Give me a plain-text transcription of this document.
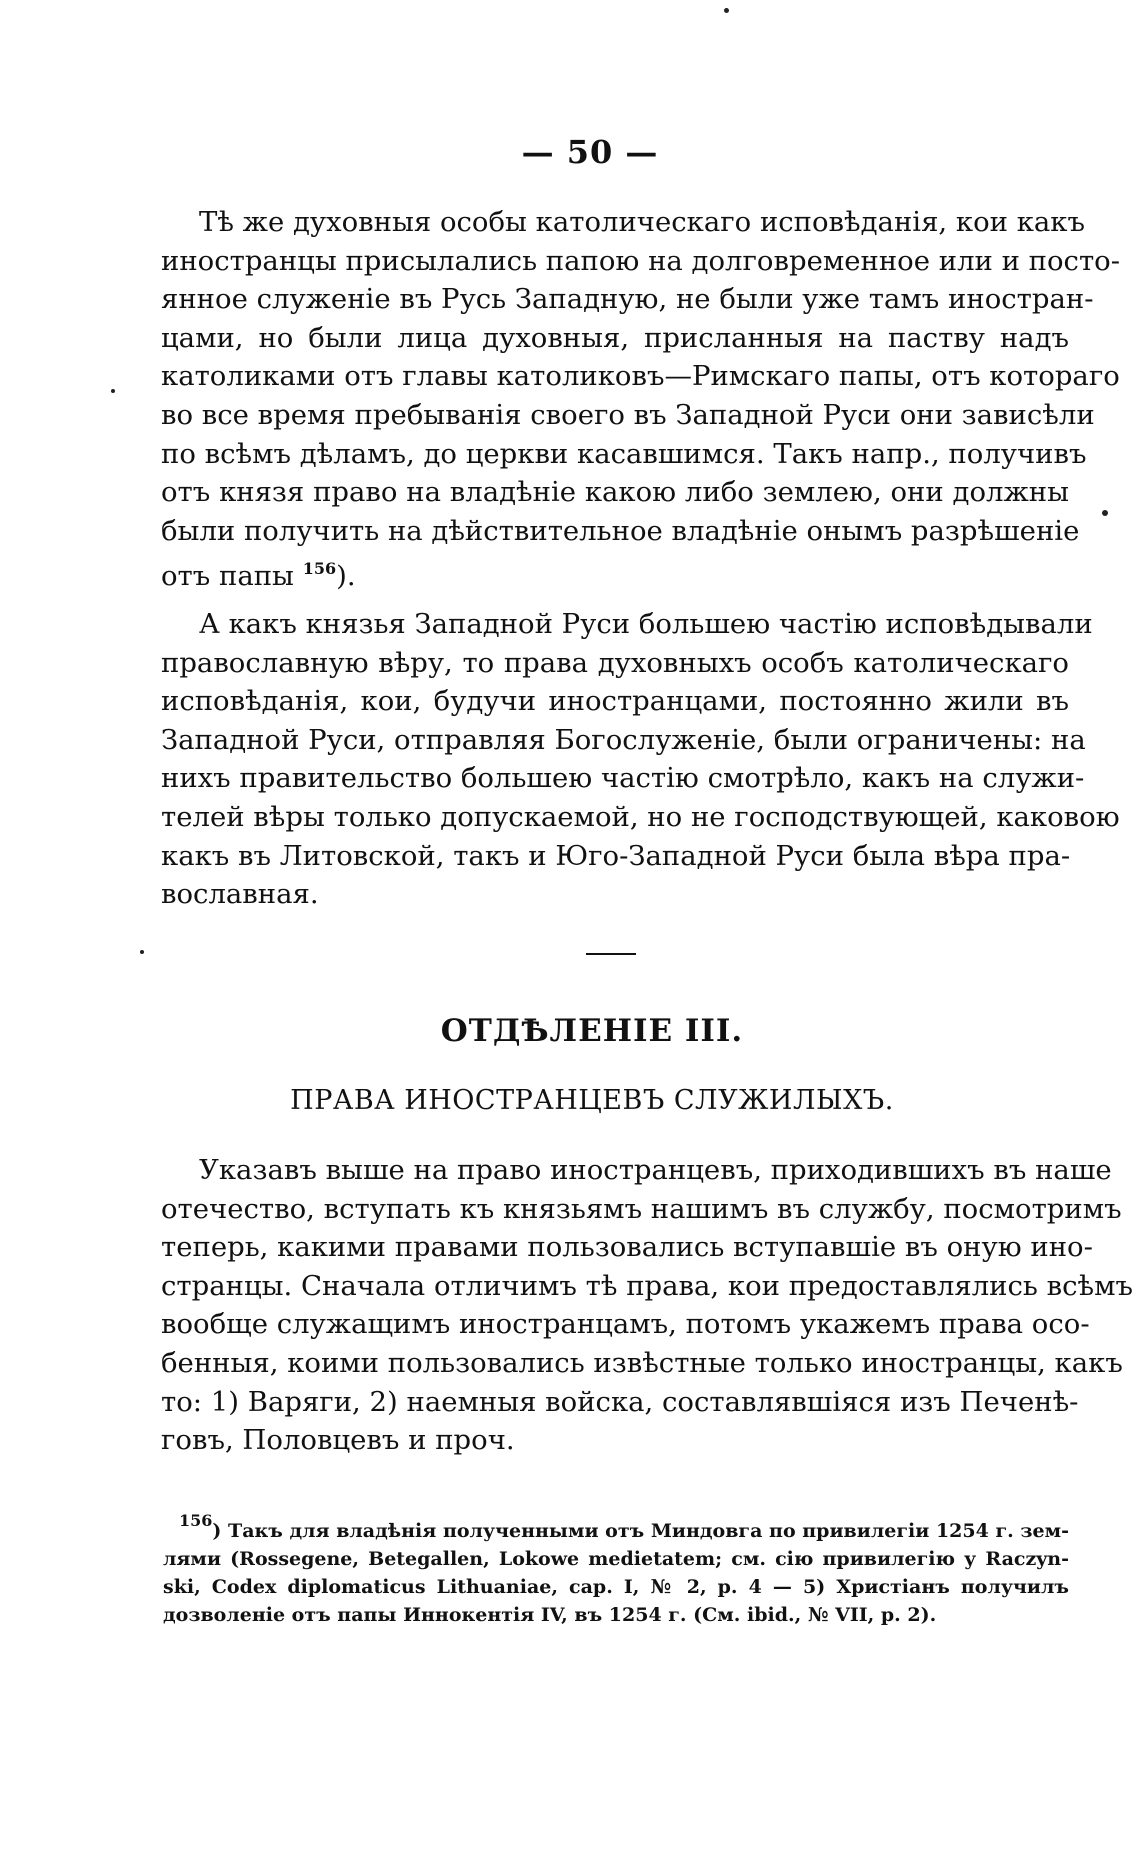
— 50 —

Тѣ же духовныя особы католическаго исповѣданія, кои какъ
иностранцы присылались папою на долговременное или и посто-
янное служеніе въ Русь Западную, не были уже тамъ иностран-
цами, но были лица духовныя, присланныя на паству надъ
католиками отъ главы католиковъ—Римскаго папы, отъ котораго
во все время пребыванія своего въ Западной Руси они зависѣли
по всѣмъ дѣламъ, до церкви касавшимся. Такъ напр., получивъ
отъ князя право на владѣніе какою либо землею, они должны
были получить на дѣйствительное владѣніе онымъ разрѣшеніе
отъ папы $^{156}$).

А какъ князья Западной Руси большею частію исповѣдывали
православную вѣру, то права духовныхъ особъ католическаго
исповѣданія, кои, будучи иностранцами, постоянно жили въ
Западной Руси, отправляя Богослуженіе, были ограничены: на
нихъ правительство большею частію смотрѣло, какъ на служи-
телей вѣры только допускаемой, но не господствующей, каковою
какъ въ Литовской, такъ и Юго-Западной Руси была вѣра пра-
вославная.

ОТДѢЛЕНІЕ III.
ПРАВА ИНОСТРАНЦЕВЪ СЛУЖИЛЫХЪ.

Указавъ выше на право иностранцевъ, приходившихъ въ наше
отечество, вступать къ князьямъ нашимъ въ службу, посмотримъ
теперь, какими правами пользовались вступавшіе въ оную ино-
странцы. Сначала отличимъ тѣ права, кои предоставлялись всѣмъ
вообще служащимъ иностранцамъ, потомъ укажемъ права осо-
бенныя, коими пользовались извѣстные только иностранцы, какъ
то: 1) Варяги, 2) наемныя войска, составлявшіяся изъ Печенѣ-
говъ, Половцевъ и проч.

$^{156}$) Такъ для владѣнія полученными отъ Миндовга по привилегіи 1254 г. зем-
лями (Rossegene, Betegallen, Lokowe medietatem; см. сію привилегію у Raczyn-
ski, Codex diplomaticus Lithuaniae, cap. I, № 2, p. 4 — 5) Христіанъ получилъ
дозволеніе отъ папы Иннокентія IV, въ 1254 г. (См. ibid., № VII, p. 2).
